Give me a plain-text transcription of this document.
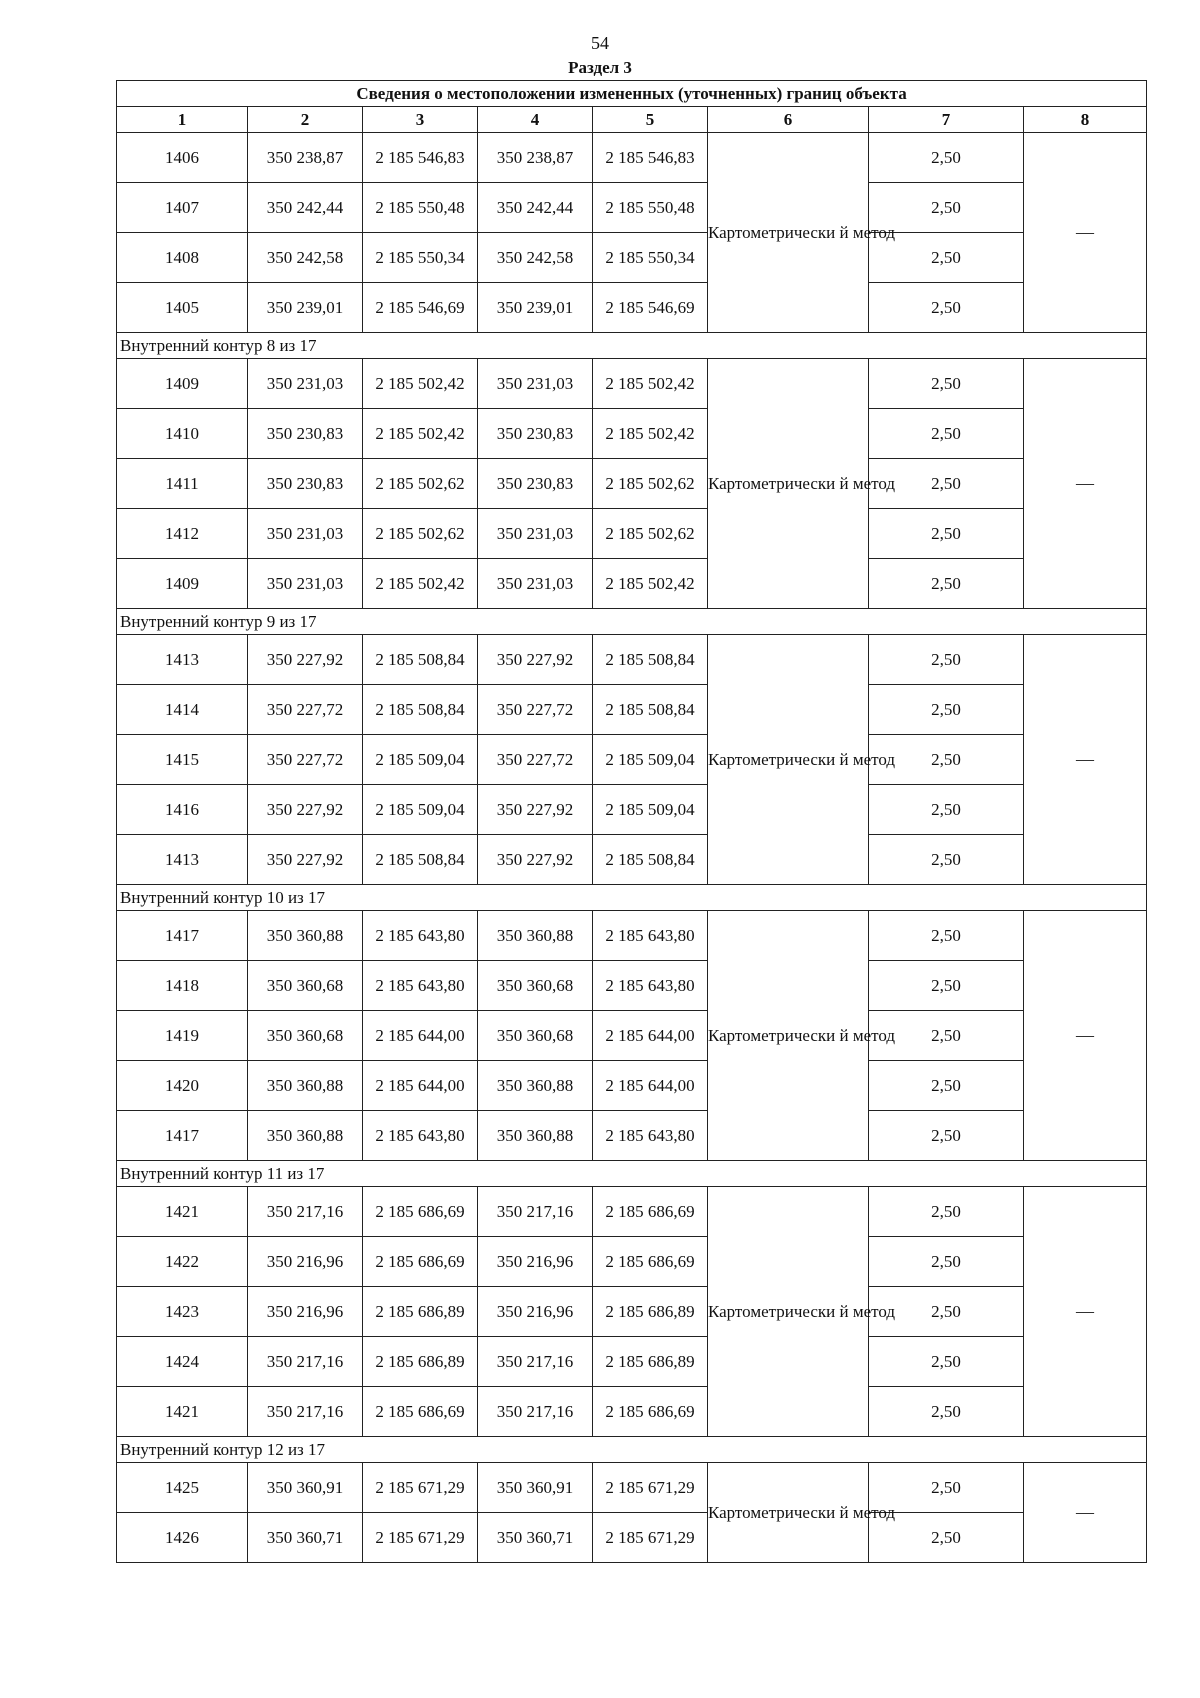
54
Раздел 3
Сведения о местоположении измененных (уточненных) границ объекта							
1	2	3	4	5	6	7	8
1406	350 238,87	2 185 546,83	350 238,87	2 185 546,83	Картометрически й метод	2,50	—
1407	350 242,44	2 185 550,48	350 242,44	2 185 550,48		2,50	
1408	350 242,58	2 185 550,34	350 242,58	2 185 550,34		2,50	
1405	350 239,01	2 185 546,69	350 239,01	2 185 546,69		2,50	
Внутренний контур 8 из 17							
1409	350 231,03	2 185 502,42	350 231,03	2 185 502,42	Картометрически й метод	2,50	—
1410	350 230,83	2 185 502,42	350 230,83	2 185 502,42		2,50	
1411	350 230,83	2 185 502,62	350 230,83	2 185 502,62		2,50	
1412	350 231,03	2 185 502,62	350 231,03	2 185 502,62		2,50	
1409	350 231,03	2 185 502,42	350 231,03	2 185 502,42		2,50	
Внутренний контур 9 из 17							
1413	350 227,92	2 185 508,84	350 227,92	2 185 508,84	Картометрически й метод	2,50	—
1414	350 227,72	2 185 508,84	350 227,72	2 185 508,84		2,50	
1415	350 227,72	2 185 509,04	350 227,72	2 185 509,04		2,50	
1416	350 227,92	2 185 509,04	350 227,92	2 185 509,04		2,50	
1413	350 227,92	2 185 508,84	350 227,92	2 185 508,84		2,50	
Внутренний контур 10 из 17							
1417	350 360,88	2 185 643,80	350 360,88	2 185 643,80	Картометрически й метод	2,50	—
1418	350 360,68	2 185 643,80	350 360,68	2 185 643,80		2,50	
1419	350 360,68	2 185 644,00	350 360,68	2 185 644,00		2,50	
1420	350 360,88	2 185 644,00	350 360,88	2 185 644,00		2,50	
1417	350 360,88	2 185 643,80	350 360,88	2 185 643,80		2,50	
Внутренний контур 11 из 17							
1421	350 217,16	2 185 686,69	350 217,16	2 185 686,69	Картометрически й метод	2,50	—
1422	350 216,96	2 185 686,69	350 216,96	2 185 686,69		2,50	
1423	350 216,96	2 185 686,89	350 216,96	2 185 686,89		2,50	
1424	350 217,16	2 185 686,89	350 217,16	2 185 686,89		2,50	
1421	350 217,16	2 185 686,69	350 217,16	2 185 686,69		2,50	
Внутренний контур 12 из 17							
1425	350 360,91	2 185 671,29	350 360,91	2 185 671,29	Картометрически й метод	2,50	—
1426	350 360,71	2 185 671,29	350 360,71	2 185 671,29		2,50	
